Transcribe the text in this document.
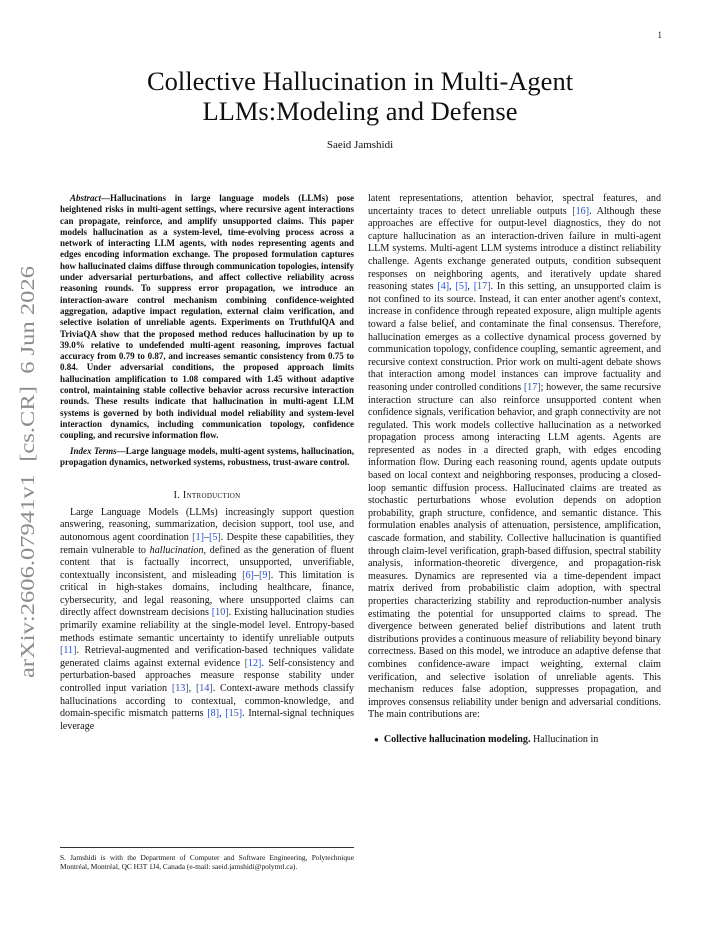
1
arXiv:2606.07941v1  [cs.CR]  6 Jun 2026
Collective Hallucination in Multi-Agent
LLMs:Modeling and Defense
Saeid Jamshidi

Abstract—Hallucinations in large language models (LLMs) pose heightened risks in multi-agent settings, where recursive agent interactions can propagate, reinforce, and amplify unsupported claims. This paper models hallucination as a system-level, time-evolving process across a network of interacting LLM agents, with nodes representing agents and edges encoding information exchange. The proposed formulation captures how hallucinated claims diffuse through communication topologies, intensify under adversarial perturbations, and affect collective reliability across reasoning rounds. To suppress error propagation, we introduce an interaction-aware control mechanism combining confidence-weighted aggregation, adaptive impact regulation, external claim verification, and selective isolation of unreliable agents. Experiments on TruthfulQA and TriviaQA show that the proposed method reduces hallucination by up to 39.0% relative to undefended multi-agent reasoning, improves factual accuracy from 0.79 to 0.87, and increases semantic consistency from 0.75 to 0.84. Under adversarial conditions, the proposed approach limits hallucination amplification to 1.08 compared with 1.45 without adaptive control, maintaining stable collective behavior across recursive interaction rounds. These results indicate that hallucination in multi-agent LLM systems is governed by both individual model reliability and system-level interaction dynamics, including communication topology, confidence coupling, and recursive information flow.

Index Terms—Large language models, multi-agent systems, hallucination, propagation dynamics, networked systems, robustness, trust-aware control.

I. Introduction

Large Language Models (LLMs) increasingly support question answering, reasoning, summarization, decision support, tool use, and autonomous agent coordination [1]–[5]. Despite these capabilities, they remain vulnerable to hallucination, defined as the generation of fluent content that is factually incorrect, unsupported, unverifiable, contextually inconsistent, and misleading [6]–[9]. This limitation is critical in high-stakes domains, including healthcare, finance, cybersecurity, and legal reasoning, where unsupported claims can directly affect downstream decisions [10]. Existing hallucination studies primarily examine reliability at the single-model level. Entropy-based methods estimate semantic uncertainty to identify unreliable outputs [11]. Retrieval-augmented and verification-based techniques validate generated claims against external evidence [12]. Self-consistency and perturbation-based approaches measure response stability under controlled input variation [13], [14]. Context-aware methods classify hallucinations according to contextual, common-knowledge, and domain-specific mismatch patterns [8], [15]. Internal-signal techniques leverage

latent representations, attention behavior, spectral features, and uncertainty traces to detect unreliable outputs [16]. Although these approaches are effective for output-level diagnostics, they do not capture hallucination as an interaction-driven failure in multi-agent LLM systems. Multi-agent LLM systems introduce a distinct reliability challenge. Agents exchange generated outputs, condition subsequent responses on neighboring agents, and iteratively update shared reasoning states [4], [5], [17]. In this setting, an unsupported claim is not confined to its source. Instead, it can enter another agent's context, increase in confidence through repeated exposure, align multiple agents toward a false belief, and contaminate the final consensus. Therefore, hallucination emerges as a collective dynamical process governed by communication topology, confidence coupling, semantic agreement, and recursive context construction. Prior work on multi-agent debate shows that interaction among model instances can improve factuality and reasoning under controlled conditions [17]; however, the same recursive interaction structure can also reinforce unsupported content when confidence signals, verification behavior, and graph connectivity are not regulated. This work models collective hallucination as a networked propagation process among interacting LLM agents. Agents are represented as nodes in a directed graph, with edges encoding information flow. During each reasoning round, agents update outputs based on local context and neighboring responses, producing a closed-loop semantic diffusion process. Hallucinated claims are treated as stochastic perturbations whose evolution depends on adoption probability, graph structure, confidence, and semantic distance. This formulation enables analysis of attenuation, persistence, amplification, cascade formation, and stability. Collective hallucination is quantified through claim-level verification, graph-based diffusion, spectral stability analysis, information-theoretic divergence, and propagation-risk measures. Dynamics are represented via a time-dependent impact matrix derived from probabilistic claim adoption, with spectral properties characterizing stability and reproduction-number analysis estimating the potential for unsupported claims to spread. The divergence between generated belief distributions and latent truth distributions provides a continuous measure of reliability beyond binary correctness. Based on this model, we introduce an adaptive defense that combines confidence-aware impact weighting, external claim verification, and selective isolation of unreliable agents. This mechanism reduces false adoption, suppresses propagation, and improves consensus reliability under benign and adversarial conditions. The main contributions are:

● Collective hallucination modeling. Hallucination in

S. Jamshidi is with the Department of Computer and Software Engineering, Polytechnique Montréal, Montréal, QC H3T 1J4, Canada (e-mail: saeid.jamshidi@polymtl.ca).
